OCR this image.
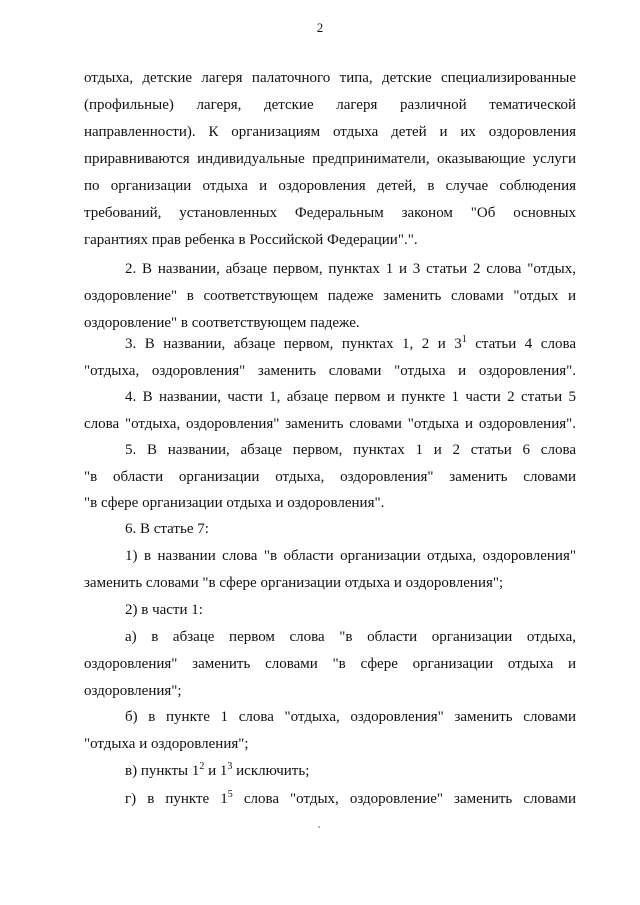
2
отдыха, детские лагеря палаточного типа, детские специализированные
(профильные) лагеря, детские лагеря различной тематической
направленности). К организациям отдыха детей и их оздоровления
приравниваются индивидуальные предприниматели, оказывающие услуги
по организации отдыха и оздоровления детей, в случае соблюдения
требований, установленных Федеральным законом "Об основных
гарантиях прав ребенка в Российской Федерации".".
2. В названии, абзаце первом, пунктах 1 и 3 статьи 2 слова "отдых,
оздоровление" в соответствующем падеже заменить словами "отдых и
оздоровление" в соответствующем падеже.
3. В названии, абзаце первом, пунктах 1, 2 и $3^1$ статьи 4 слова
"отдыха, оздоровления" заменить словами "отдыха и оздоровления".
4. В названии, части 1, абзаце первом и пункте 1 части 2 статьи 5
слова "отдыха, оздоровления" заменить словами "отдыха и оздоровления".
5. В названии, абзаце первом, пунктах 1 и 2 статьи 6 слова
"в области организации отдыха, оздоровления" заменить словами
"в сфере организации отдыха и оздоровления".
6. В статье 7:
1) в названии слова "в области организации отдыха, оздоровления"
заменить словами "в сфере организации отдыха и оздоровления";
2) в части 1:
а) в абзаце первом слова "в области организации отдыха,
оздоровления" заменить словами "в сфере организации отдыха и
оздоровления";
б) в пункте 1 слова "отдыха, оздоровления" заменить словами
"отдыха и оздоровления";
в) пункты $1^2$ и $1^3$ исключить;
г) в пункте $1^5$ слова "отдых, оздоровление" заменить словами
